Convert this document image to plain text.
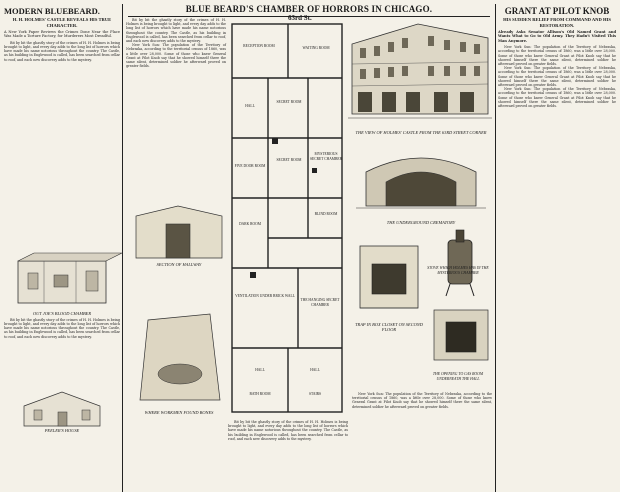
MODERN BLUEBEARD.
H. H. HOLMES' CASTLE REVEALS HIS TRUE CHARACTER.
A New York Paper Reviews the Crimes Done Near the Place Was Made a Torture Factory, for Murderers Most Dreadful.

Bit by bit the ghastly story of the crimes of H. H. Holmes is being brought to light, and every day adds to the long list of horrors which have made his name notorious throughout the country. The Castle, as his building in Englewood is called, has been searched from cellar to roof, and each new discovery adds to the mystery.

OUT JOE'S BLOOD CHAMBER

Bit by bit the ghastly story of the crimes of H. H. Holmes is being brought to light, and every day adds to the long list of horrors which have made his name notorious throughout the country. The Castle, as his building in Englewood is called, has been searched from cellar to roof, and each new discovery adds to the mystery.

PEELER'S HOUSE
BLUE BEARD'S CHAMBER OF HORRORS IN CHICAGO.

Bit by bit the ghastly story of the crimes of H. H. Holmes is being brought to light, and every day adds to the long list of horrors which have made his name notorious throughout the country. The Castle, as his building in Englewood is called, has been searched from cellar to roof, and each new discovery adds to the mystery.

New York Sun: The population of the Territory of Nebraska, according to the territorial census of 1860, was a little over 28,000. Some of those who knew General Grant at Pilot Knob say that he showed himself there the same silent, determined soldier he afterward proved on greater fields.

THE VIEW OF HOLMES' CASTLE FROM THE 63RD STREET CORNER
63rd St.
RECEPTION ROOM	WAITING ROOM
HALL
SECRET ROOM
FIVE DOOR ROOM
SECRET ROOM
MYSTERIOUS SECRET CHAMBER
BLIND ROOM
DARK ROOM
THE HANGING SECRET CHAMBER
VENTILATION UNDER BRICK WALL
HALL	HALL
BATH ROOM	STAIRS
THE UNDERGROUND CREMATORY
TRAP IN BOX CLOSET ON SECOND FLOOR
STOVE WHICH HOLMES HAS IN THE MYSTERIOUS CHAMBER
THE OPENING TO GAS ROOM UNDERNEATH THE HALL
SECTION OF HALLWAY
WHERE WORKMEN FOUND BONES

Bit by bit the ghastly story of the crimes of H. H. Holmes is being brought to light, and every day adds to the long list of horrors which have made his name notorious throughout the country. The Castle, as his building in Englewood is called, has been searched from cellar to roof, and each new discovery adds to the mystery.

New York Sun: The population of the Territory of Nebraska, according to the territorial census of 1860, was a little over 28,000. Some of those who knew General Grant at Pilot Knob say that he showed himself there the same silent, determined soldier he afterward proved on greater fields.

GRANT AT PILOT KNOB
HIS SUDDEN RELIEF FROM COMMAND AND HIS RESTORATION.
Already Asks Senator Allison's Old Named Grant and Wants What to Go to Old Army. They Hadn't Visited This Man Anymore.

New York Sun: The population of the Territory of Nebraska, according to the territorial census of 1860, was a little over 28,000. Some of those who knew General Grant at Pilot Knob say that he showed himself there the same silent, determined soldier he afterward proved on greater fields.

New York Sun: The population of the Territory of Nebraska, according to the territorial census of 1860, was a little over 28,000. Some of those who knew General Grant at Pilot Knob say that he showed himself there the same silent, determined soldier he afterward proved on greater fields.

New York Sun: The population of the Territory of Nebraska, according to the territorial census of 1860, was a little over 28,000. Some of those who knew General Grant at Pilot Knob say that he showed himself there the same silent, determined soldier he afterward proved on greater fields.
